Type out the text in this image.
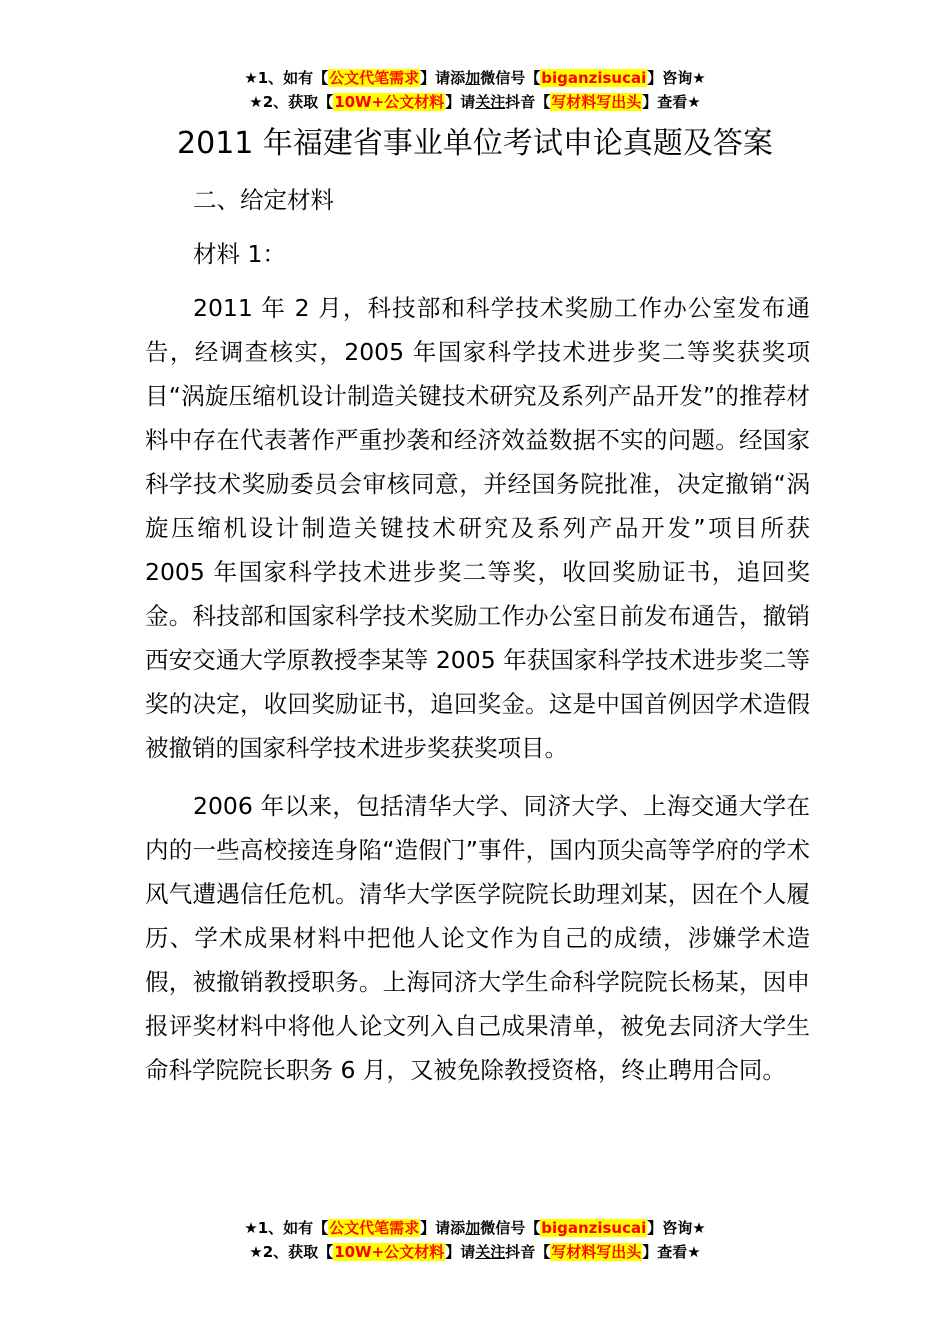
★1、如有【公文代笔需求】请添加微信号【biganzisucai】咨询★
★2、获取【10W+公文材料】请关注抖音【写材料写出头】查看★
2011 年福建省事业单位考试申论真题及答案

二、给定材料

材料 1：

2011 年 2 月，科技部和科学技术奖励工作办公室发布通告，经调查核实，2005 年国家科学技术进步奖二等奖获奖项目“涡旋压缩机设计制造关键技术研究及系列产品开发”的推荐材料中存在代表著作严重抄袭和经济效益数据不实的问题。经国家科学技术奖励委员会审核同意，并经国务院批准，决定撤销“涡旋压缩机设计制造关键技术研究及系列产品开发”项目所获 2005 年国家科学技术进步奖二等奖，收回奖励证书，追回奖金。科技部和国家科学技术奖励工作办公室日前发布通告，撤销西安交通大学原教授李某等 2005 年获国家科学技术进步奖二等奖的决定，收回奖励证书，追回奖金。这是中国首例因学术造假被撤销的国家科学技术进步奖获奖项目。

2006 年以来，包括清华大学、同济大学、上海交通大学在内的一些高校接连身陷“造假门”事件，国内顶尖高等学府的学术风气遭遇信任危机。清华大学医学院院长助理刘某，因在个人履历、学术成果材料中把他人论文作为自己的成绩，涉嫌学术造假，被撤销教授职务。上海同济大学生命科学院院长杨某，因申报评奖材料中将他人论文列入自己成果清单，被免去同济大学生命科学院院长职务 6 月，又被免除教授资格，终止聘用合同。

★1、如有【公文代笔需求】请添加微信号【biganzisucai】咨询★
★2、获取【10W+公文材料】请关注抖音【写材料写出头】查看★
